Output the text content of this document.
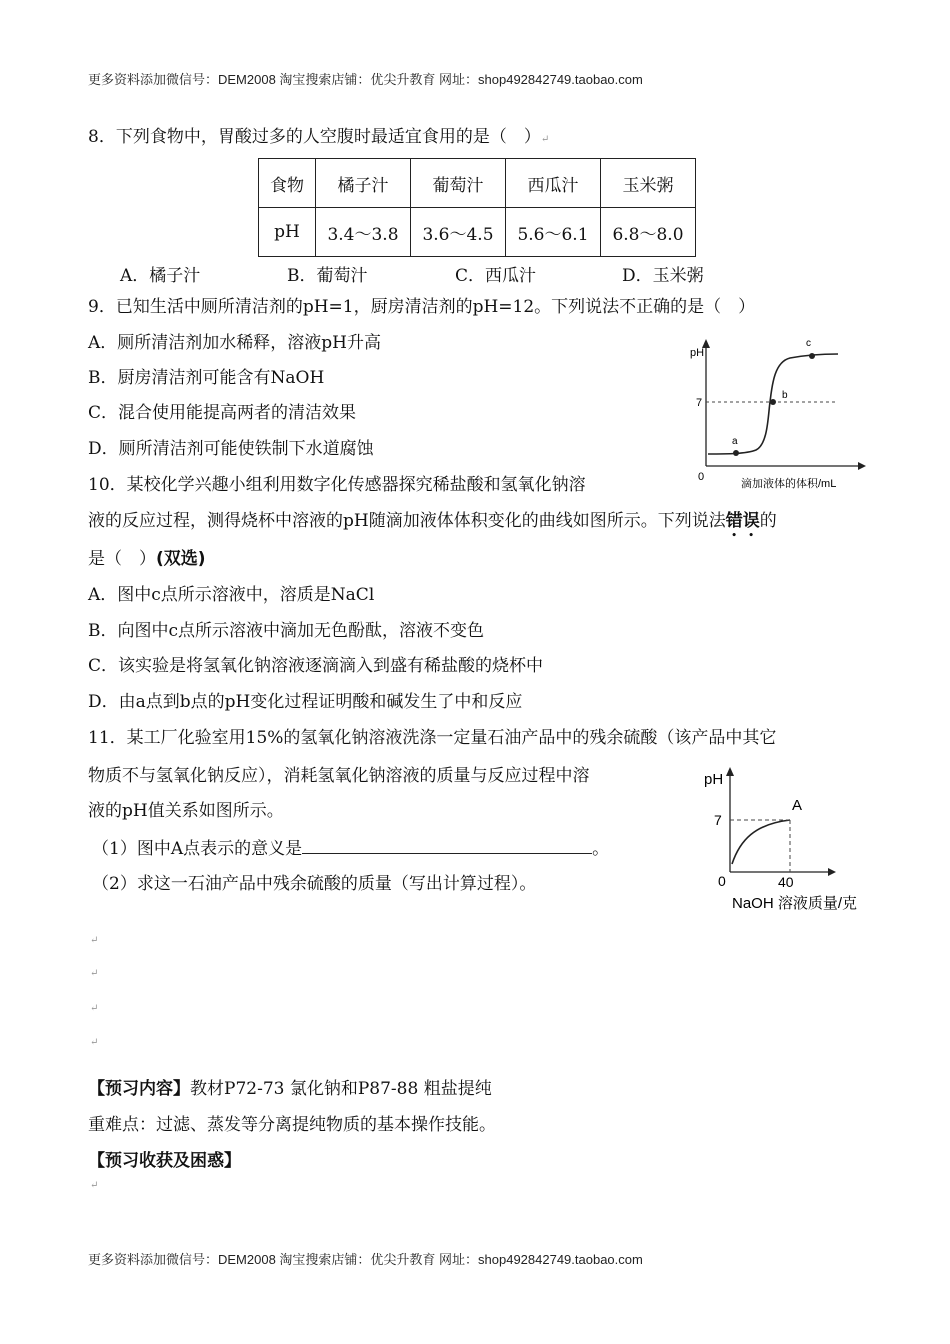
更多资料添加微信号：DEM2008 淘宝搜索店铺：优尖升教育 网址：shop492842749.taobao.com
8．下列食物中，胃酸过多的人空腹时最适宜食用的是（　）↵
食物	橘子汁	葡萄汁	西瓜汁	玉米粥
pH	3.4～3.8	3.6～4.5	5.6～6.1	6.8～8.0
A．橘子汁	B．葡萄汁	C．西瓜汁	D．玉米粥
9．已知生活中厕所清洁剂的pH=1，厨房清洁剂的pH=12。下列说法不正确的是（　）
A．厕所清洁剂加水稀释，溶液pH升高
B．厨房清洁剂可能含有NaOH
C．混合使用能提高两者的清洁效果
D．厕所清洁剂可能使铁制下水道腐蚀
pH
7
0
a
b
c
滴加液体的体积/mL
10．某校化学兴趣小组利用数字化传感器探究稀盐酸和氢氧化钠溶
液的反应过程，测得烧杯中溶液的pH随滴加液体体积变化的曲线如图所示。下列说法错误的
是（　）(双选)
A．图中c点所示溶液中，溶质是NaCl
B．向图中c点所示溶液中滴加无色酚酞，溶液不变色
C．该实验是将氢氧化钠溶液逐滴滴入到盛有稀盐酸的烧杯中
D．由a点到b点的pH变化过程证明酸和碱发生了中和反应
11．某工厂化验室用15%的氢氧化钠溶液洗涤一定量石油产品中的残余硫酸（该产品中其它
物质不与氢氧化钠反应），消耗氢氧化钠溶液的质量与反应过程中溶
液的pH值关系如图所示。
（1）图中A点表示的意义是	。
（2）求这一石油产品中残余硫酸的质量（写出计算过程）。
pH
7
A
0	40
NaOH 溶液质量/克
↵
↵
↵
↵
【预习内容】教材P72-73 氯化钠和P87-88 粗盐提纯
重难点：过滤、蒸发等分离提纯物质的基本操作技能。
【预习收获及困惑】
↵
更多资料添加微信号：DEM2008 淘宝搜索店铺：优尖升教育 网址：shop492842749.taobao.com
